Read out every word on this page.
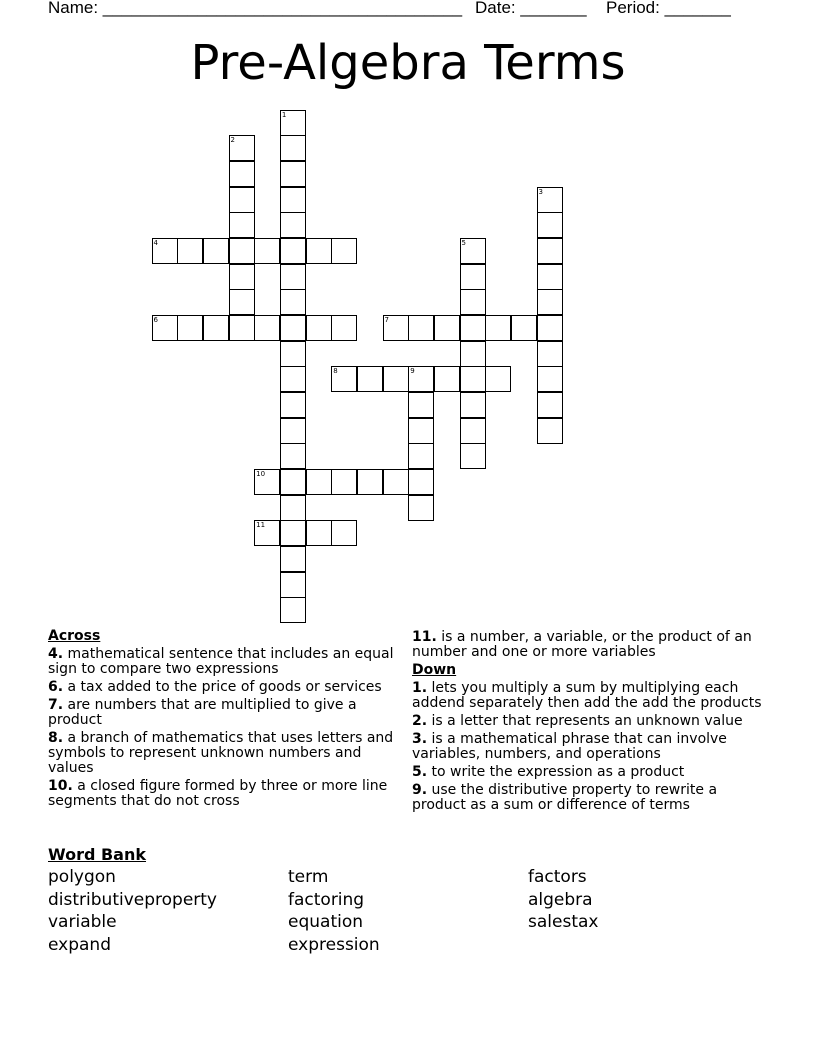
Name: ______________________________________ Date: _______ Period: _______
Pre-Algebra Terms
1
2
3
4	5
6	7
8	9
10
11
Across
4. mathematical sentence that includes an equal sign to compare two expressions
6. a tax added to the price of goods or services
7. are numbers that are multiplied to give a product
8. a branch of mathematics that uses letters and symbols to represent unknown numbers and values
10. a closed figure formed by three or more line segments that do not cross
11. is a number, a variable, or the product of an number and one or more variables
Down
1. lets you multiply a sum by multiplying each addend separately then add the add the products
2. is a letter that represents an unknown value
3. is a mathematical phrase that can involve variables, numbers, and operations
5. to write the expression as a product
9. use the distributive property to rewrite a product as a sum or difference of terms
Word Bank
polygon
distributiveproperty
variable
expand
term
factoring
equation
expression
factors
algebra
salestax
